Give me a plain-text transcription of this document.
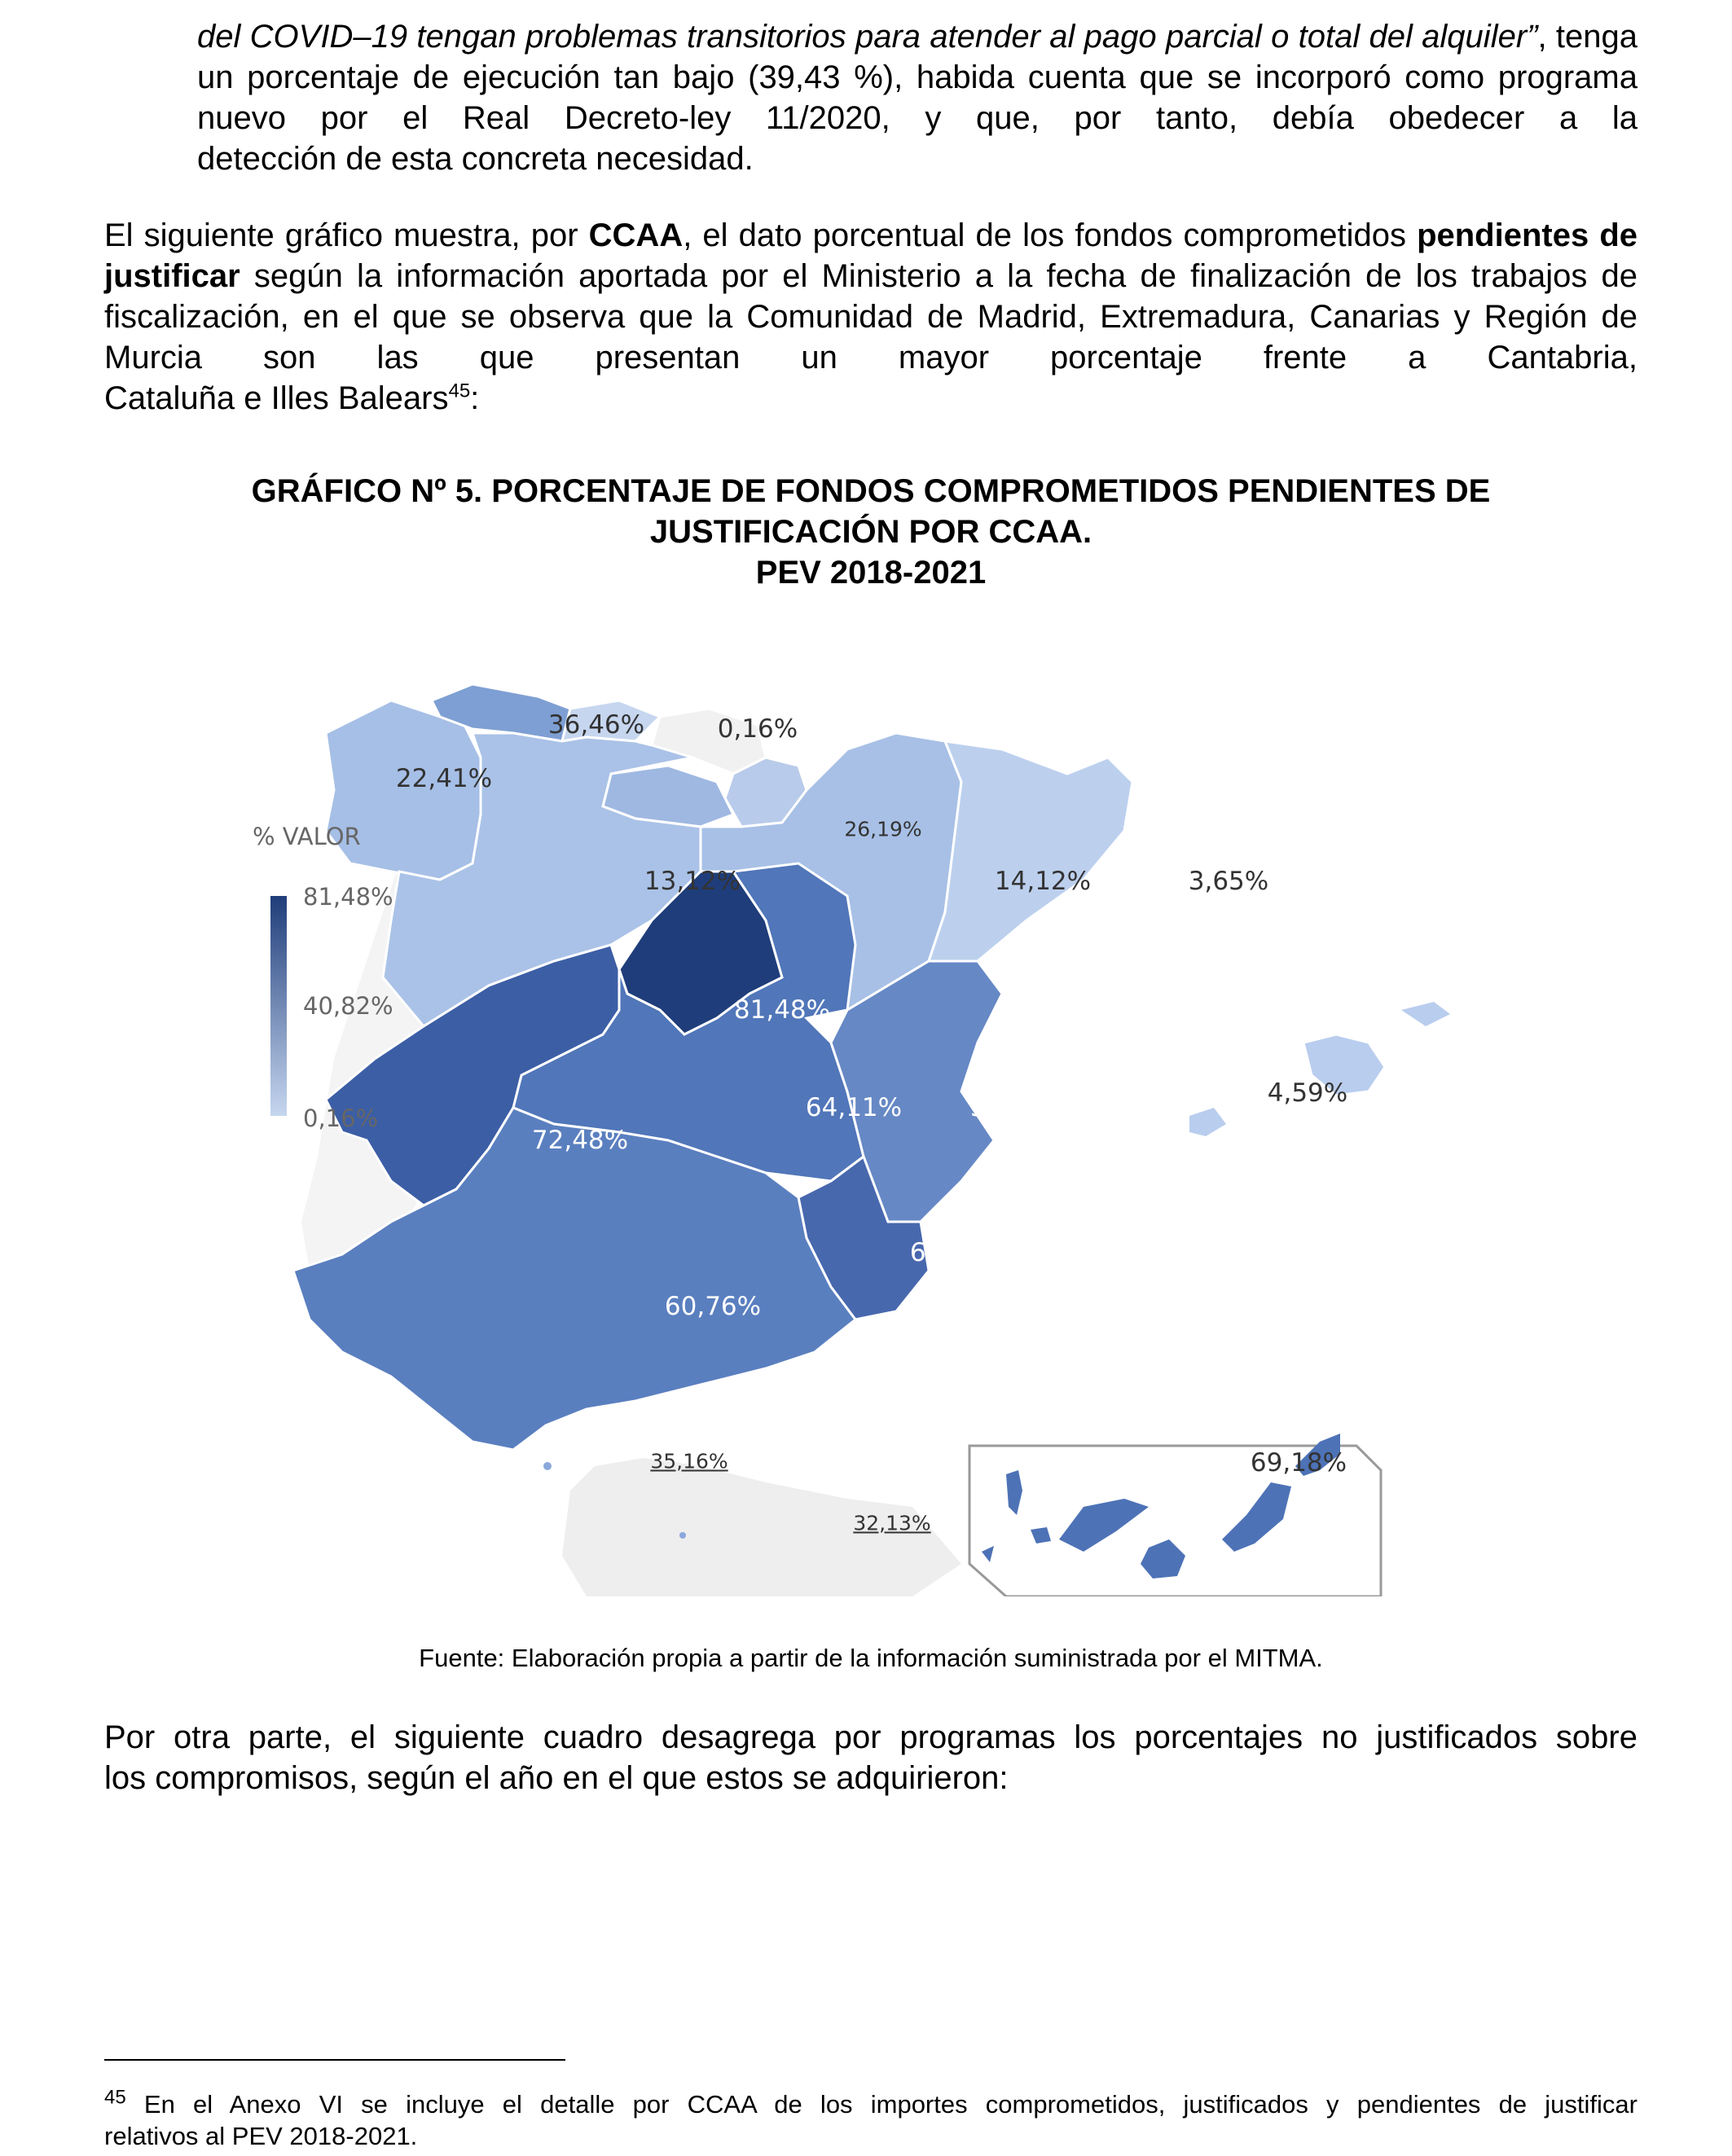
del COVID–19 tengan problemas transitorios para atender al pago parcial o total del alquiler”, tenga un porcentaje de ejecución tan bajo (39,43 %), habida cuenta que se incorporó como programa nuevo por el Real Decreto-ley 11/2020, y que, por tanto, debía obedecer a la
detección de esta concreta necesidad.
El siguiente gráfico muestra, por CCAA, el dato porcentual de los fondos comprometidos pendientes de justificar según la información aportada por el Ministerio a la fecha de finalización de los trabajos de fiscalización, en el que se observa que la Comunidad de Madrid, Extremadura, Canarias y Región de Murcia son las que presentan un mayor porcentaje frente a Cantabria,
Cataluña e Illes Balears$^{45}$:
GRÁFICO Nº 5. PORCENTAJE DE FONDOS COMPROMETIDOS PENDIENTES DE
JUSTIFICACIÓN POR CCAA.
PEV 2018-2021
% VALOR
81,48%
40,82%
0,16%
22,41%
36,46%	0,16%
26,19%
13,12%	14,12%	3,65%
81,48%
72,48%
64,11%	55,45%	4,59%
68,78%
60,76%
35,16%
32,13%
69,18%
Fuente: Elaboración propia a partir de la información suministrada por el MITMA.
Por otra parte, el siguiente cuadro desagrega por programas los porcentajes no justificados sobre
los compromisos, según el año en el que estos se adquirieron:
$^{45}$ En el Anexo VI se incluye el detalle por CCAA de los importes comprometidos, justificados y pendientes de justificar
relativos al PEV 2018-2021.
